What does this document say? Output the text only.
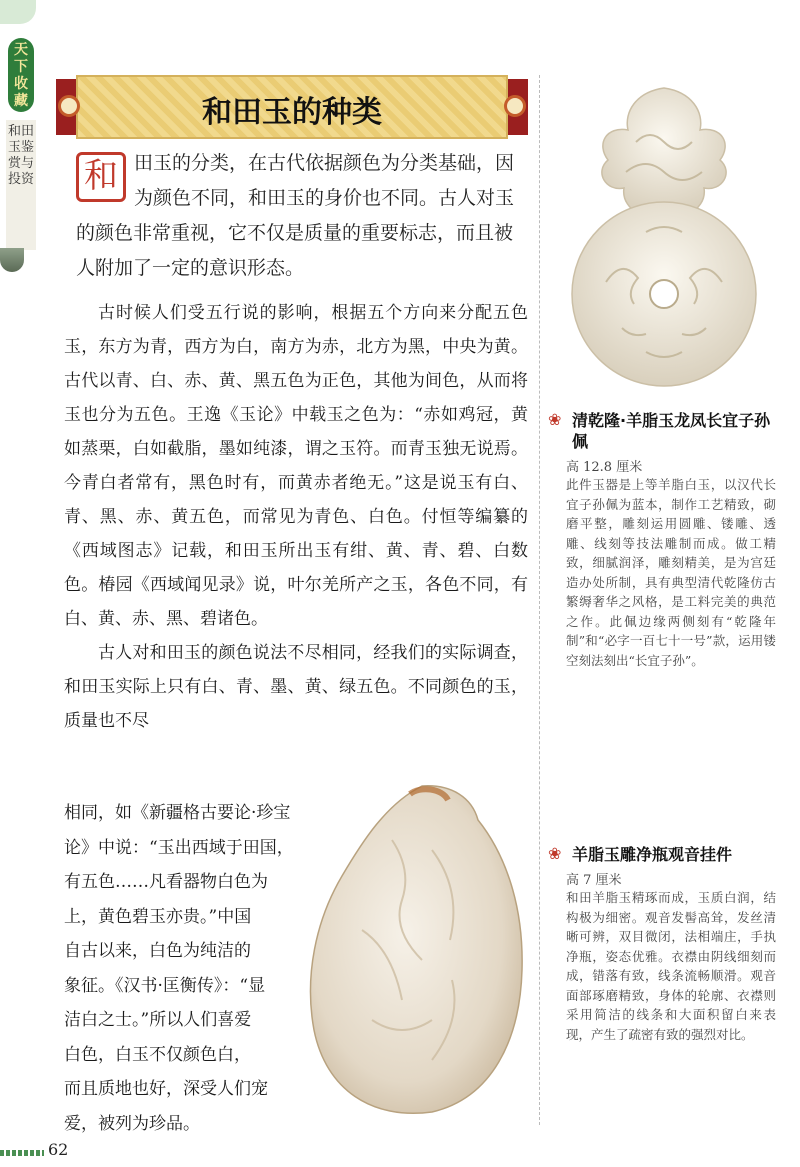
天下收藏
和田玉鉴赏与投资
和田玉的种类
和 田玉的分类，在古代依据颜色为分类基础，因为颜色不同，和田玉的身价也不同。古人对玉的颜色非常重视，它不仅是质量的重要标志，而且被人附加了一定的意识形态。

古时候人们受五行说的影响，根据五个方向来分配五色玉，东方为青，西方为白，南方为赤，北方为黑，中央为黄。古代以青、白、赤、黄、黑五色为正色，其他为间色，从而将玉也分为五色。王逸《玉论》中载玉之色为：“赤如鸡冠，黄如蒸栗，白如截脂，墨如纯漆，谓之玉符。而青玉独无说焉。今青白者常有，黑色时有，而黄赤者绝无。”这是说玉有白、青、黑、赤、黄五色，而常见为青色、白色。付恒等编纂的《西域图志》记载，和田玉所出玉有绀、黄、青、碧、白数色。椿园《西域闻见录》说，叶尔羌所产之玉，各色不同，有白、黄、赤、黑、碧诸色。

古人对和田玉的颜色说法不尽相同，经我们的实际调查，和田玉实际上只有白、青、墨、黄、绿五色。不同颜色的玉，质量也不尽

相同，如《新疆格古要论·珍宝

论》中说：“玉出西域于田国，

有五色……凡看器物白色为

上，黄色碧玉亦贵。”中国

自古以来，白色为纯洁的

象征。《汉书·匡衡传》：“显

洁白之士。”所以人们喜爱

白色，白玉不仅颜色白，

而且质地也好，深受人们宠

爱，被列为珍品。

❀ 清乾隆·羊脂玉龙凤长宜子孙佩
高 12.8 厘米
此件玉器是上等羊脂白玉，以汉代长宜子孙佩为蓝本，制作工艺精致，砌磨平整，雕刻运用圆雕、镂雕、透雕、线刻等技法雕制而成。做工精致，细腻润泽，雕刻精美，是为宫廷造办处所制，具有典型清代乾隆仿古繁缛奢华之风格，是工料完美的典范之作。此佩边缘两侧刻有“乾隆年制”和“必字一百七十一号”款，运用镂空刻法刻出“长宜子孙”。
❀ 羊脂玉雕净瓶观音挂件
高 7 厘米
和田羊脂玉精琢而成，玉质白润，结构极为细密。观音发髻高耸，发丝清晰可辨，双目微闭，法相端庄，手执净瓶，姿态优雅。衣襟由阴线细刻而成，错落有致，线条流畅顺滑。观音面部琢磨精致，身体的轮廓、衣襟则采用简洁的线条和大面积留白来表现，产生了疏密有致的强烈对比。
62
